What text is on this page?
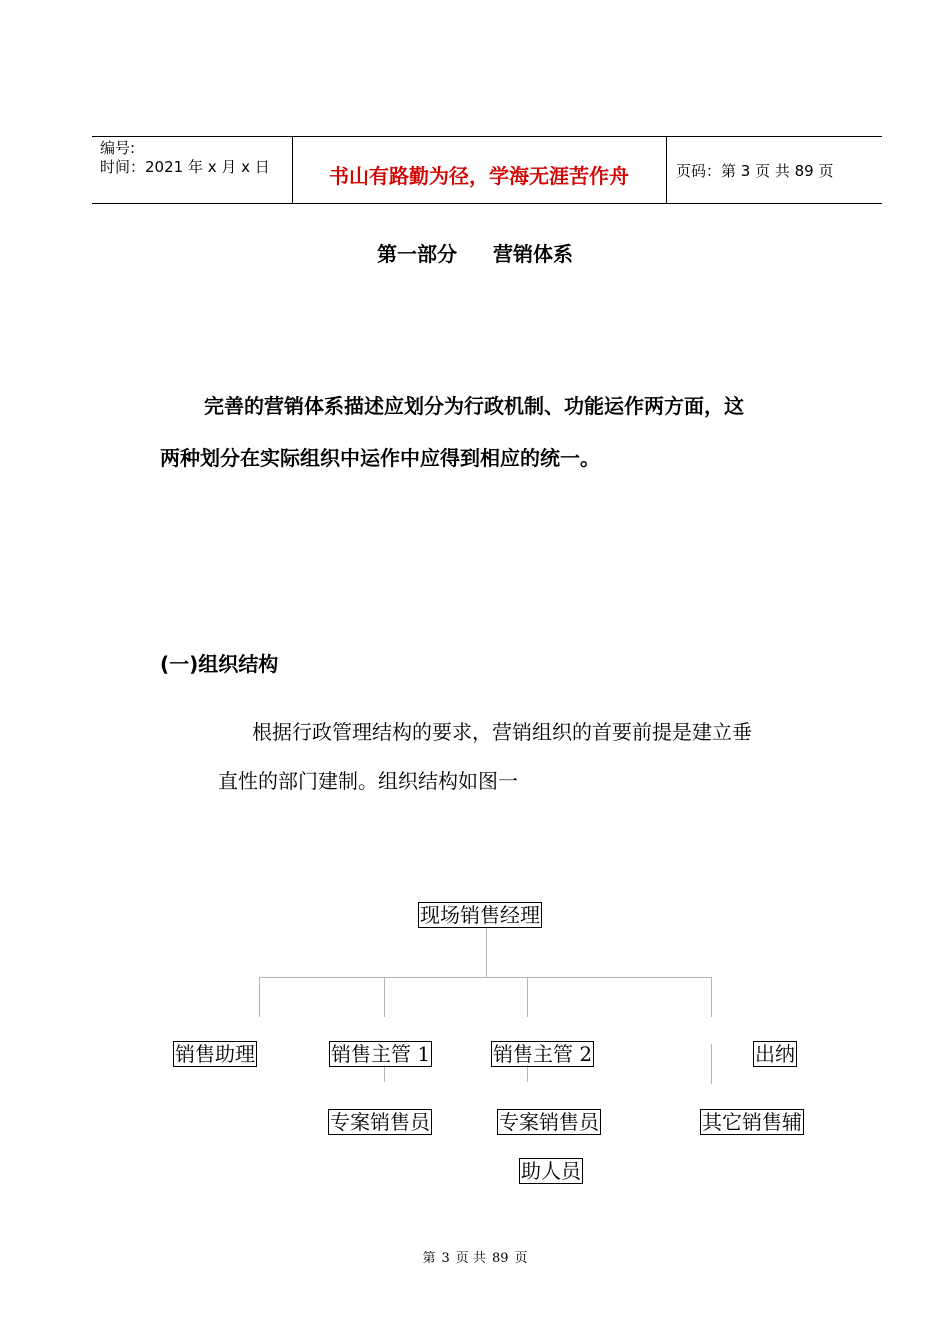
编号:
时间：2021 年 x 月 x 日	书山有路勤为径，学海无涯苦作舟	页码：第 3 页 共 89 页
第一部分 营销体系
完善的营销体系描述应划分为行政机制、功能运作两方面，这
两种划分在实际组织中运作中应得到相应的统一。
(一)组织结构
根据行政管理结构的要求，营销组织的首要前提是建立垂
直性的部门建制。组织结构如图一
现场销售经理
销售助理	销售主管 1	销售主管 2	出纳
专案销售员	专案销售员	其它销售辅
助人员
第 3 页 共 89 页
